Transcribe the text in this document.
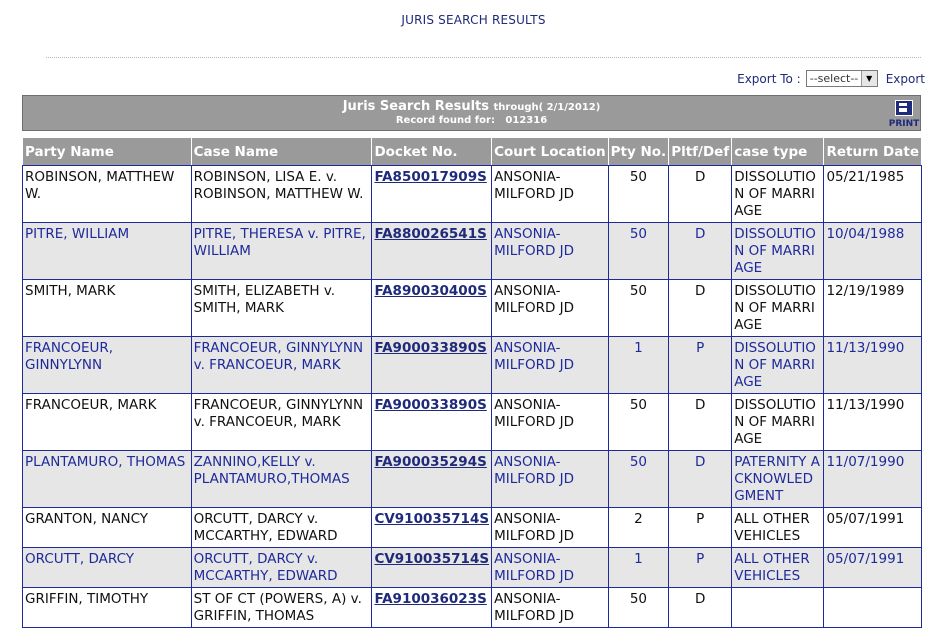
JURIS SEARCH RESULTS
Export To : --select-- ▼	Export
Juris Search Results through( 2/1/2012)
Record found for: 012316	PRINT
Party Name	Case Name	Docket No.	Court Location	Pty No.	Pltf/Def	case type	Return Date
ROBINSON, MATTHEW W.	ROBINSON, LISA E. v. ROBINSON, MATTHEW W.	FA850017909S	ANSONIA-MILFORD JD	50	D	DISSOLUTION OF MARRIAGE	05/21/1985
PITRE, WILLIAM	PITRE, THERESA v. PITRE, WILLIAM	FA880026541S	ANSONIA-MILFORD JD	50	D	DISSOLUTION OF MARRIAGE	10/04/1988
SMITH, MARK	SMITH, ELIZABETH v. SMITH, MARK	FA890030400S	ANSONIA-MILFORD JD	50	D	DISSOLUTION OF MARRIAGE	12/19/1989
FRANCOEUR, GINNYLYNN	FRANCOEUR, GINNYLYNN v. FRANCOEUR, MARK	FA900033890S	ANSONIA-MILFORD JD	1	P	DISSOLUTION OF MARRIAGE	11/13/1990
FRANCOEUR, MARK	FRANCOEUR, GINNYLYNN v. FRANCOEUR, MARK	FA900033890S	ANSONIA-MILFORD JD	50	D	DISSOLUTION OF MARRIAGE	11/13/1990
PLANTAMURO, THOMAS	ZANNINO,KELLY v. PLANTAMURO,THOMAS	FA900035294S	ANSONIA-MILFORD JD	50	D	PATERNITY ACKNOWLEDGMENT	11/07/1990
GRANTON, NANCY	ORCUTT, DARCY v. MCCARTHY, EDWARD	CV910035714S	ANSONIA-MILFORD JD	2	P	ALL OTHER VEHICLES	05/07/1991
ORCUTT, DARCY	ORCUTT, DARCY v. MCCARTHY, EDWARD	CV910035714S	ANSONIA-MILFORD JD	1	P	ALL OTHER VEHICLES	05/07/1991
GRIFFIN, TIMOTHY	ST OF CT (POWERS, A) v. GRIFFIN, THOMAS	FA910036023S	ANSONIA-MILFORD JD	50	D		
